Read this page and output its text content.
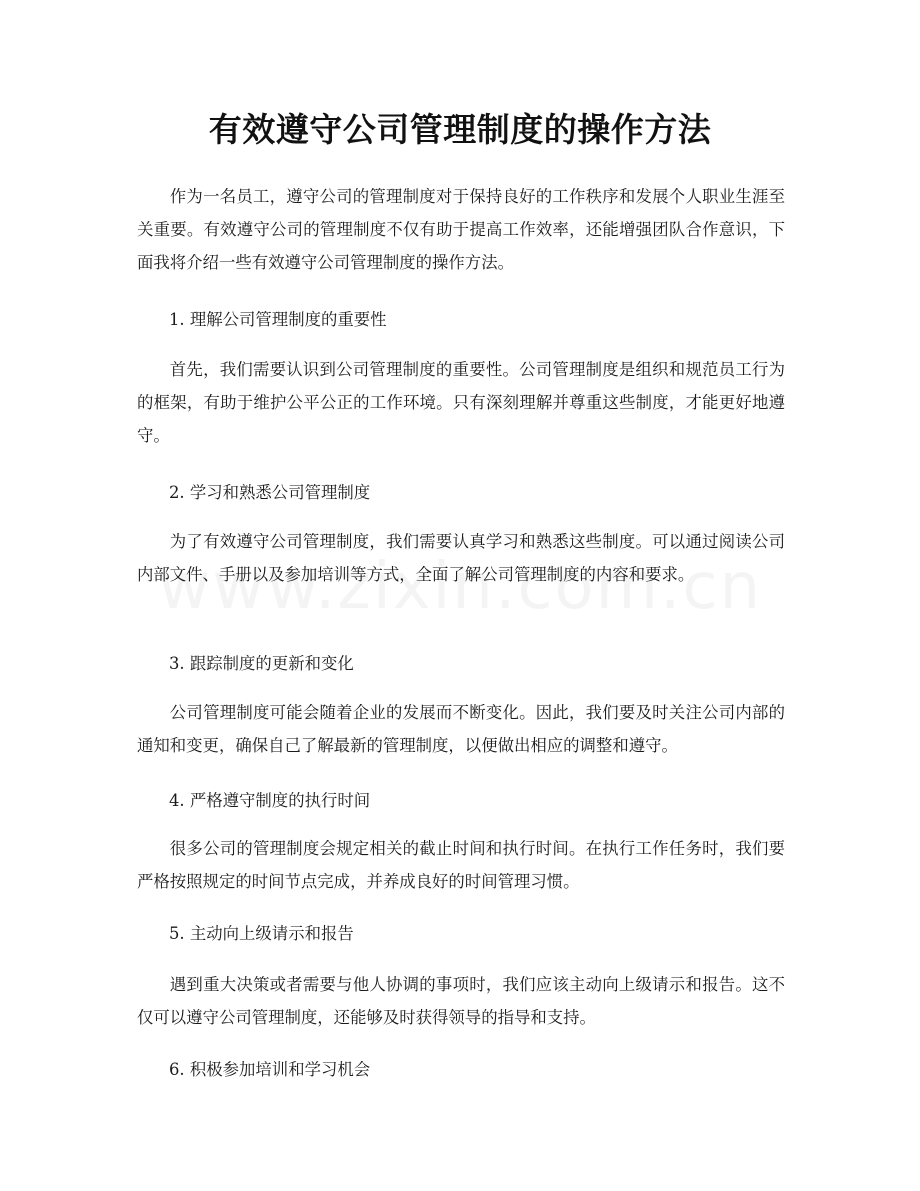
有效遵守公司管理制度的操作方法

作为一名员工，遵守公司的管理制度对于保持良好的工作秩序和发展个人职业生涯至关重要。有效遵守公司的管理制度不仅有助于提高工作效率，还能增强团队合作意识，下面我将介绍一些有效遵守公司管理制度的操作方法。

1. 理解公司管理制度的重要性

首先，我们需要认识到公司管理制度的重要性。公司管理制度是组织和规范员工行为的框架，有助于维护公平公正的工作环境。只有深刻理解并尊重这些制度，才能更好地遵守。

2. 学习和熟悉公司管理制度

为了有效遵守公司管理制度，我们需要认真学习和熟悉这些制度。可以通过阅读公司内部文件、手册以及参加培训等方式，全面了解公司管理制度的内容和要求。

3. 跟踪制度的更新和变化

公司管理制度可能会随着企业的发展而不断变化。因此，我们要及时关注公司内部的通知和变更，确保自己了解最新的管理制度，以便做出相应的调整和遵守。

4. 严格遵守制度的执行时间

很多公司的管理制度会规定相关的截止时间和执行时间。在执行工作任务时，我们要严格按照规定的时间节点完成，并养成良好的时间管理习惯。

5. 主动向上级请示和报告

遇到重大决策或者需要与他人协调的事项时，我们应该主动向上级请示和报告。这不仅可以遵守公司管理制度，还能够及时获得领导的指导和支持。

6. 积极参加培训和学习机会
